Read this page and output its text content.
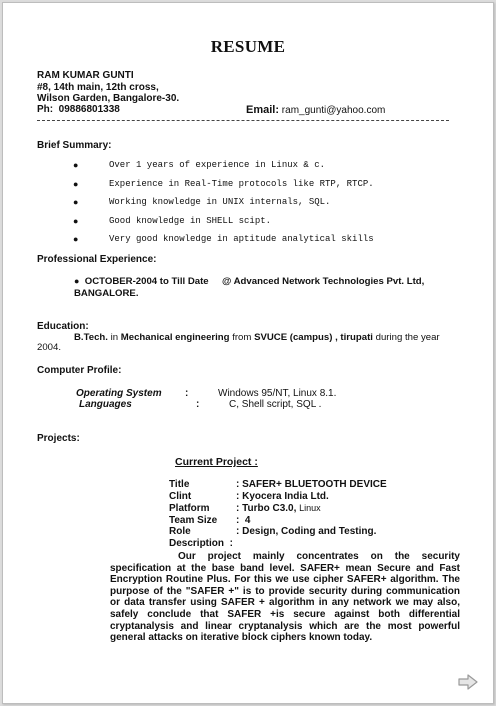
RESUME
RAM KUMAR GUNTI
#8, 14th main, 12th cross,
Wilson Garden, Bangalore-30.
Ph: 09886801338	Email: ram_gunti@yahoo.com
Brief Summary:
●	Over 1 years of experience in Linux & c.
●	Experience in Real-Time protocols like RTP, RTCP.
●	Working knowledge in UNIX internals, SQL.
●	Good knowledge in SHELL scipt.
●	Very good knowledge in aptitude analytical skills
Professional Experience:
● OCTOBER-2004 to Till Date     @ Advanced Network Technologies Pvt. Ltd,
BANGALORE.
Education:
B.Tech. in Mechanical engineering from SVUCE (campus) , tirupati during the year
2004.
Computer Profile:
Operating System :	Windows 95/NT, Linux 8.1.
Languages	:	C, Shell script, SQL .
Projects:
Current Project :
Title	: SAFER+ BLUETOOTH DEVICE
Clint	: Kyocera India Ltd.
Platform	: Turbo C3.0, Linux
Team Size :  4
Role	: Design, Coding and Testing.
Description  :
Our project mainly concentrates on the security specification at the base band level. SAFER+ mean Secure and Fast Encryption Routine Plus. For this we use cipher SAFER+ algorithm. The purpose of the "SAFER +" is to provide security during communication or data transfer using SAFER + algorithm in any network we may also, safely conclude that SAFER +is secure against both differential cryptanalysis and linear cryptanalysis which are the most powerful general attacks on iterative block ciphers known today.
